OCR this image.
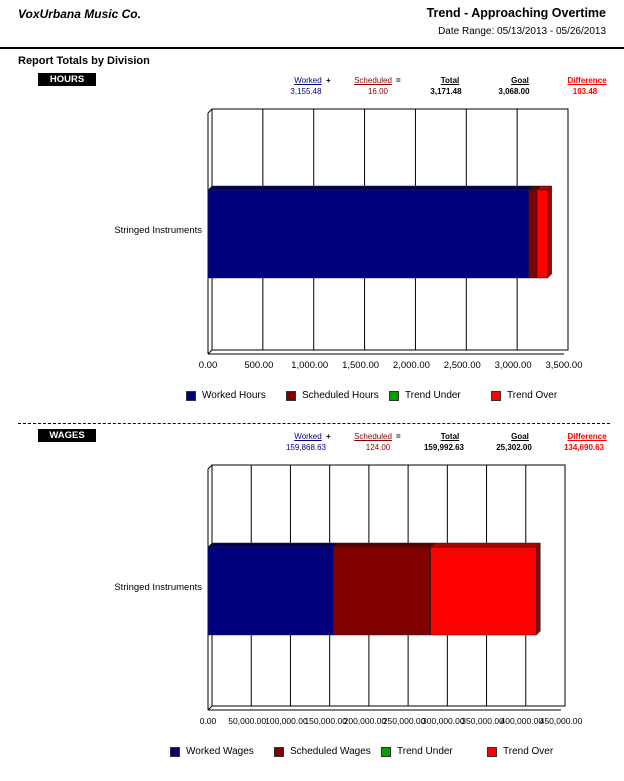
VoxUrbana Music Co.	Trend - Approaching Overtime
Date Range: 05/13/2013 - 05/26/2013
Report Totals by Division
HOURS	Worked +	Scheduled =	Total	Goal	Difference
3,155.48	16.00	3,171.48	3,068.00	103.48
0.00	500.00 1,000.00 1,500.00 2,000.00 2,500.00 3,000.00 3,500.00
Stringed Instruments
Worked Hours	Scheduled Hours	Trend Under	Trend Over
WAGES	Worked +	Scheduled =	Total	Goal	Difference
159,868.63	124.00	159,992.63	25,302.00	134,690.63
0.00 50,000.00 100,000.00
150,000.00
200,000.00
250,000.00
300,000.00
350,000.00
400,000.00
450,000.00
Stringed Instruments
Worked Wages	Scheduled Wages	Trend Under	Trend Over
